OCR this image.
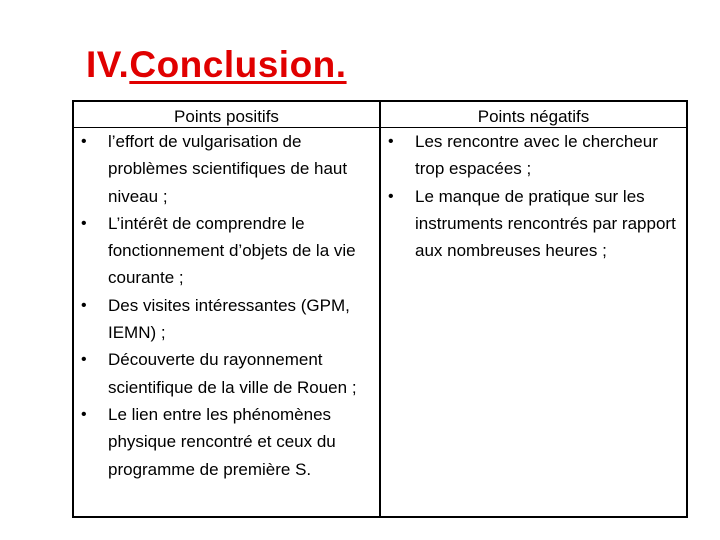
IV.Conclusion.
Points positifs
• l’effort de vulgarisation de problèmes scientifiques de haut niveau ;
• L’intérêt de comprendre le fonctionnement d’objets de la vie courante ;
• Des visites intéressantes (GPM, IEMN) ;
• Découverte du rayonnement scientifique de la ville de Rouen ;
• Le lien entre les phénomènes physique rencontré et ceux du programme de première S.
Points négatifs
• Les rencontre avec le chercheur trop espacées ;
• Le manque de pratique sur les instruments rencontrés par rapport aux nombreuses heures ;
